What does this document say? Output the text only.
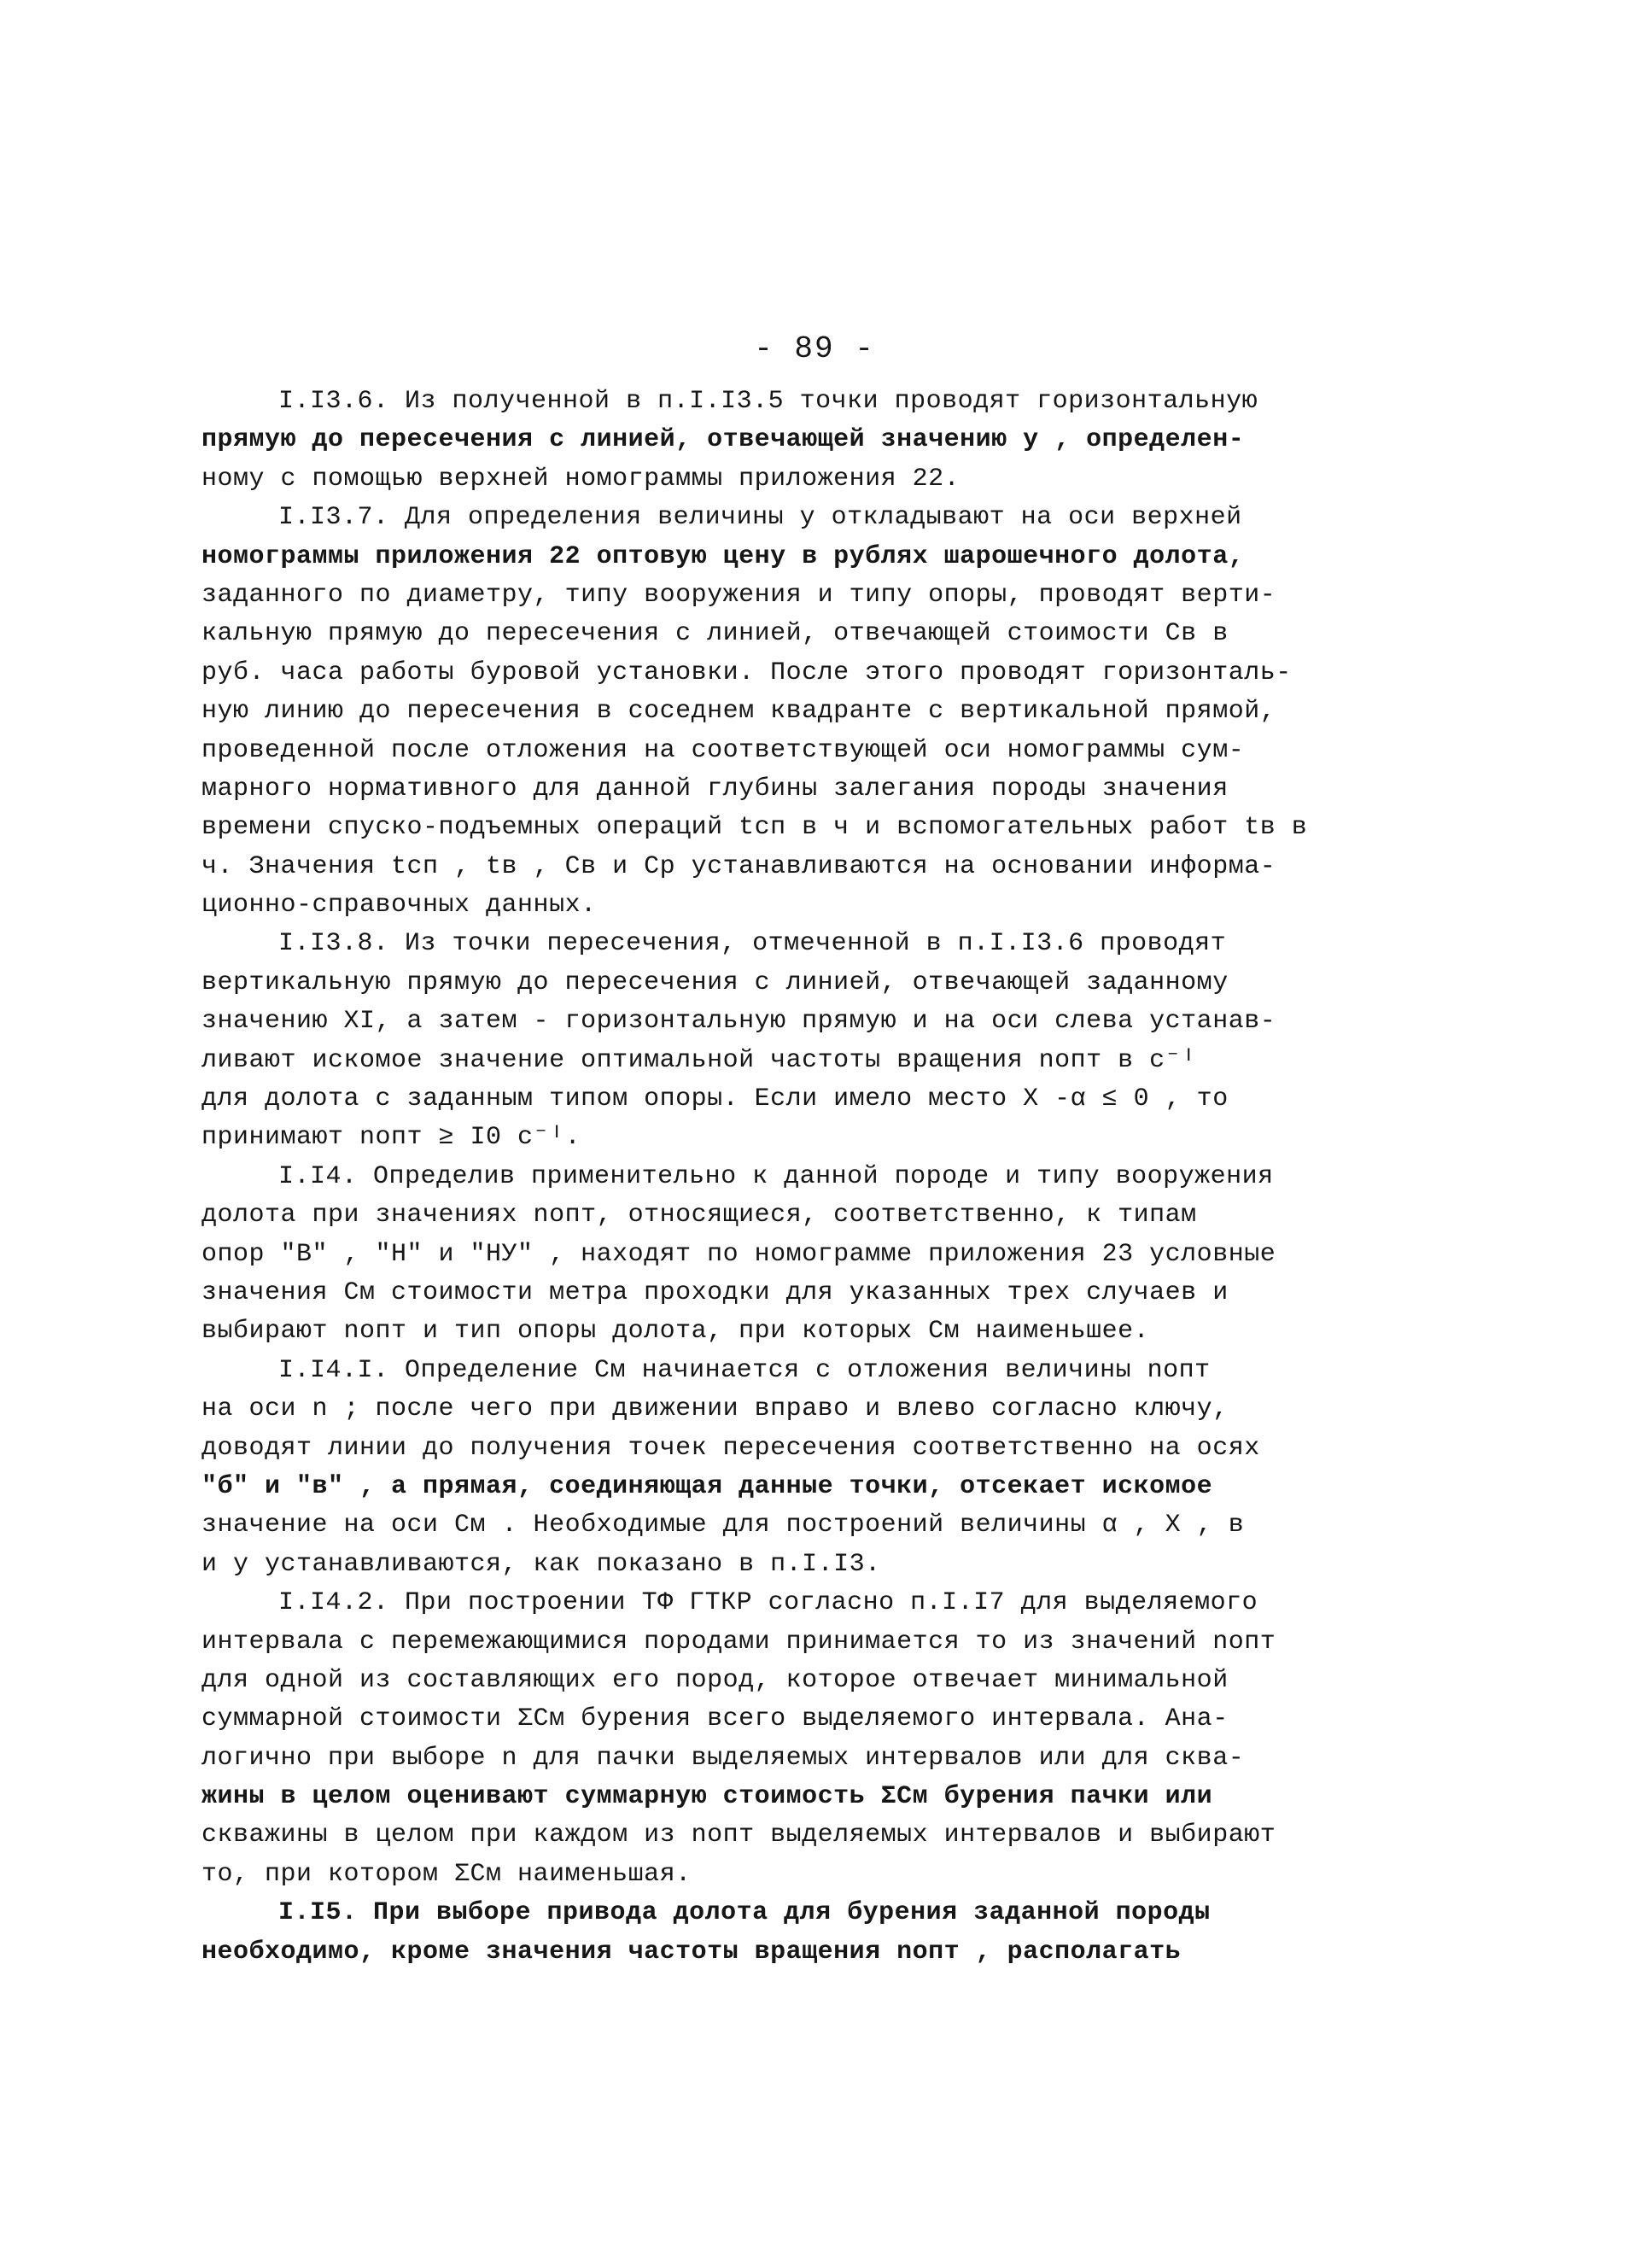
- 89 -
I.I3.6. Из полученной в п.I.I3.5 точки проводят горизонтальную
прямую до пересечения с линией, отвечающей значению y , определен-
ному с помощью верхней номограммы приложения 22.
I.I3.7. Для определения величины y откладывают на оси верхней
номограммы приложения 22 оптовую цену в рублях шарошечного долота,
заданного по диаметру, типу вооружения и типу опоры, проводят верти-
кальную прямую до пересечения с линией, отвечающей стоимости Cв в
руб. часа работы буровой установки. После этого проводят горизонталь-
ную линию до пересечения в соседнем квадранте с вертикальной прямой,
проведенной после отложения на соответствующей оси номограммы сум-
марного нормативного для данной глубины залегания породы значения
времени спуско-подъемных операций tсп в ч и вспомогательных работ tв в
ч. Значения tсп , tв , Cв и Cр устанавливаются на основании информа-
ционно-справочных данных.
I.I3.8. Из точки пересечения, отмеченной в п.I.I3.6 проводят
вертикальную прямую до пересечения с линией, отвечающей заданному
значению XI, а затем - горизонтальную прямую и на оси слева устанав-
ливают искомое значение оптимальной частоты вращения nопт в с⁻ᴵ
для долота с заданным типом опоры. Если имело место X -α ≤ 0 , то
принимают nопт ≥ I0 с⁻ᴵ.
I.I4. Определив применительно к данной породе и типу вооружения
долота при значениях nопт, относящиеся, соответственно, к типам
опор "В" , "Н" и "НУ" , находят по номограмме приложения 23 условные
значения Cм стоимости метра проходки для указанных трех случаев и
выбирают nопт и тип опоры долота, при которых Cм наименьшее.
I.I4.I. Определение Cм начинается с отложения величины nопт
на оси n ; после чего при движении вправо и влево согласно ключу,
доводят линии до получения точек пересечения соответственно на осях
"б" и "в" , а прямая, соединяющая данные точки, отсекает искомое
значение на оси Cм . Необходимые для построений величины α , X , в
и y устанавливаются, как показано в п.I.I3.
I.I4.2. При построении ТФ ГТКР согласно п.I.I7 для выделяемого
интервала с перемежающимися породами принимается то из значений nопт
для одной из составляющих его пород, которое отвечает минимальной
суммарной стоимости ΣCм бурения всего выделяемого интервала. Ана-
логично при выборе n для пачки выделяемых интервалов или для сква-
жины в целом оценивают суммарную стоимость ΣCм бурения пачки или
скважины в целом при каждом из nопт выделяемых интервалов и выбирают
то, при котором ΣCм наименьшая.
I.I5. При выборе привода долота для бурения заданной породы
необходимо, кроме значения частоты вращения nопт , располагать
